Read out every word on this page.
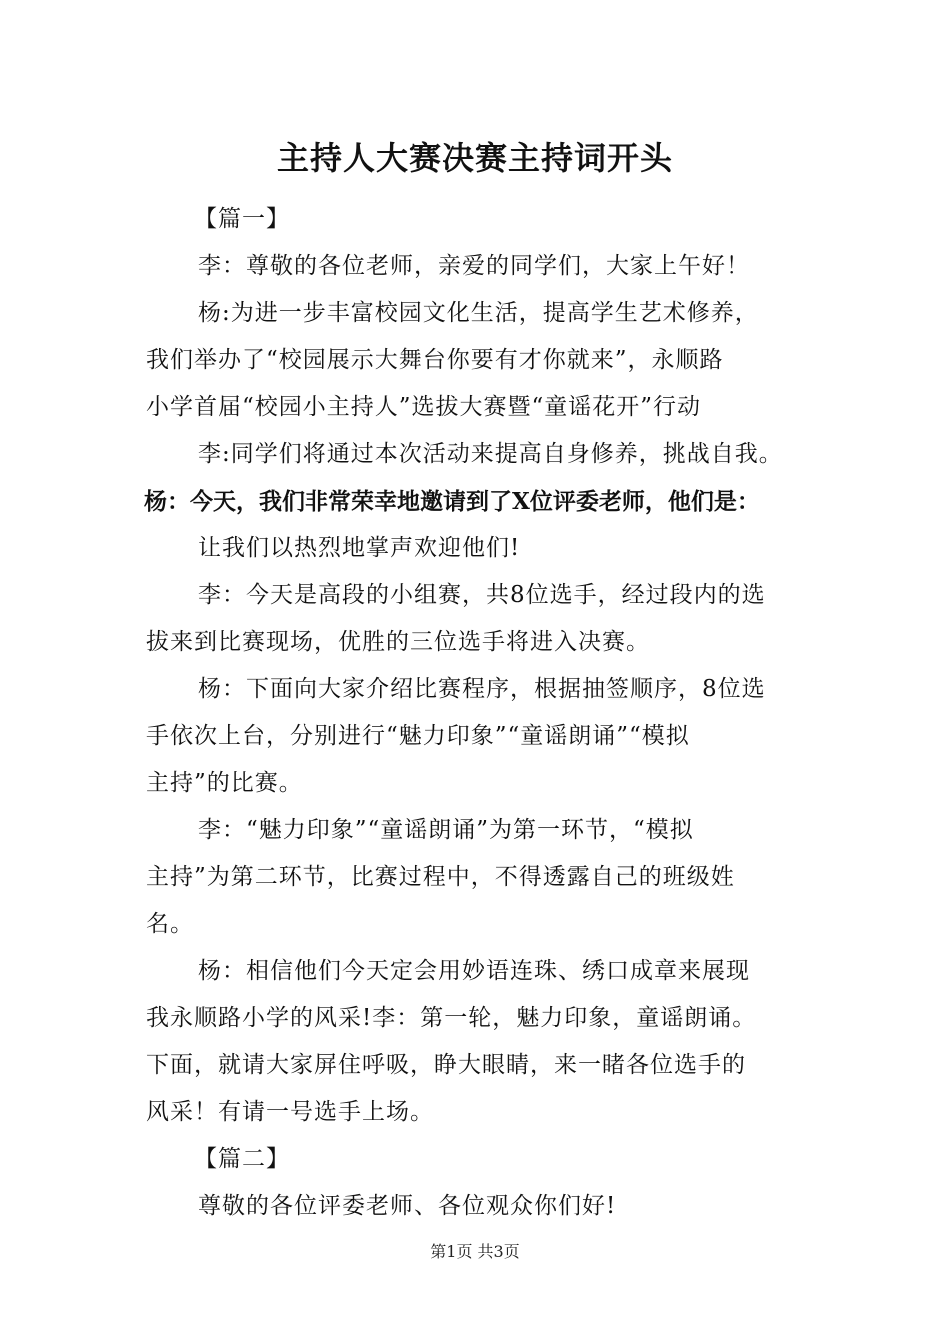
主持人大赛决赛主持词开头
【篇一】
李：尊敬的各位老师，亲爱的同学们，大家上午好！
杨:为进一步丰富校园文化生活，提高学生艺术修养，
我们举办了“校园展示大舞台你要有才你就来”，永顺路
小学首届“校园小主持人”选拔大赛暨“童谣花开”行动
李:同学们将通过本次活动来提高自身修养，挑战自我。
杨：今天，我们非常荣幸地邀请到了X位评委老师，他们是：
让我们以热烈地掌声欢迎他们!
李：今天是高段的小组赛，共8位选手，经过段内的选
拔来到比赛现场，优胜的三位选手将进入决赛。
杨：下面向大家介绍比赛程序，根据抽签顺序，8位选
手依次上台，分别进行“魅力印象”“童谣朗诵”“模拟
主持”的比赛。
李：“魅力印象”“童谣朗诵”为第一环节，“模拟
主持”为第二环节，比赛过程中，不得透露自己的班级姓
名。
杨：相信他们今天定会用妙语连珠、绣口成章来展现
我永顺路小学的风采!李：第一轮，魅力印象，童谣朗诵。
下面，就请大家屏住呼吸，睁大眼睛，来一睹各位选手的
风采！有请一号选手上场。
【篇二】
尊敬的各位评委老师、各位观众你们好!
第1页 共3页
